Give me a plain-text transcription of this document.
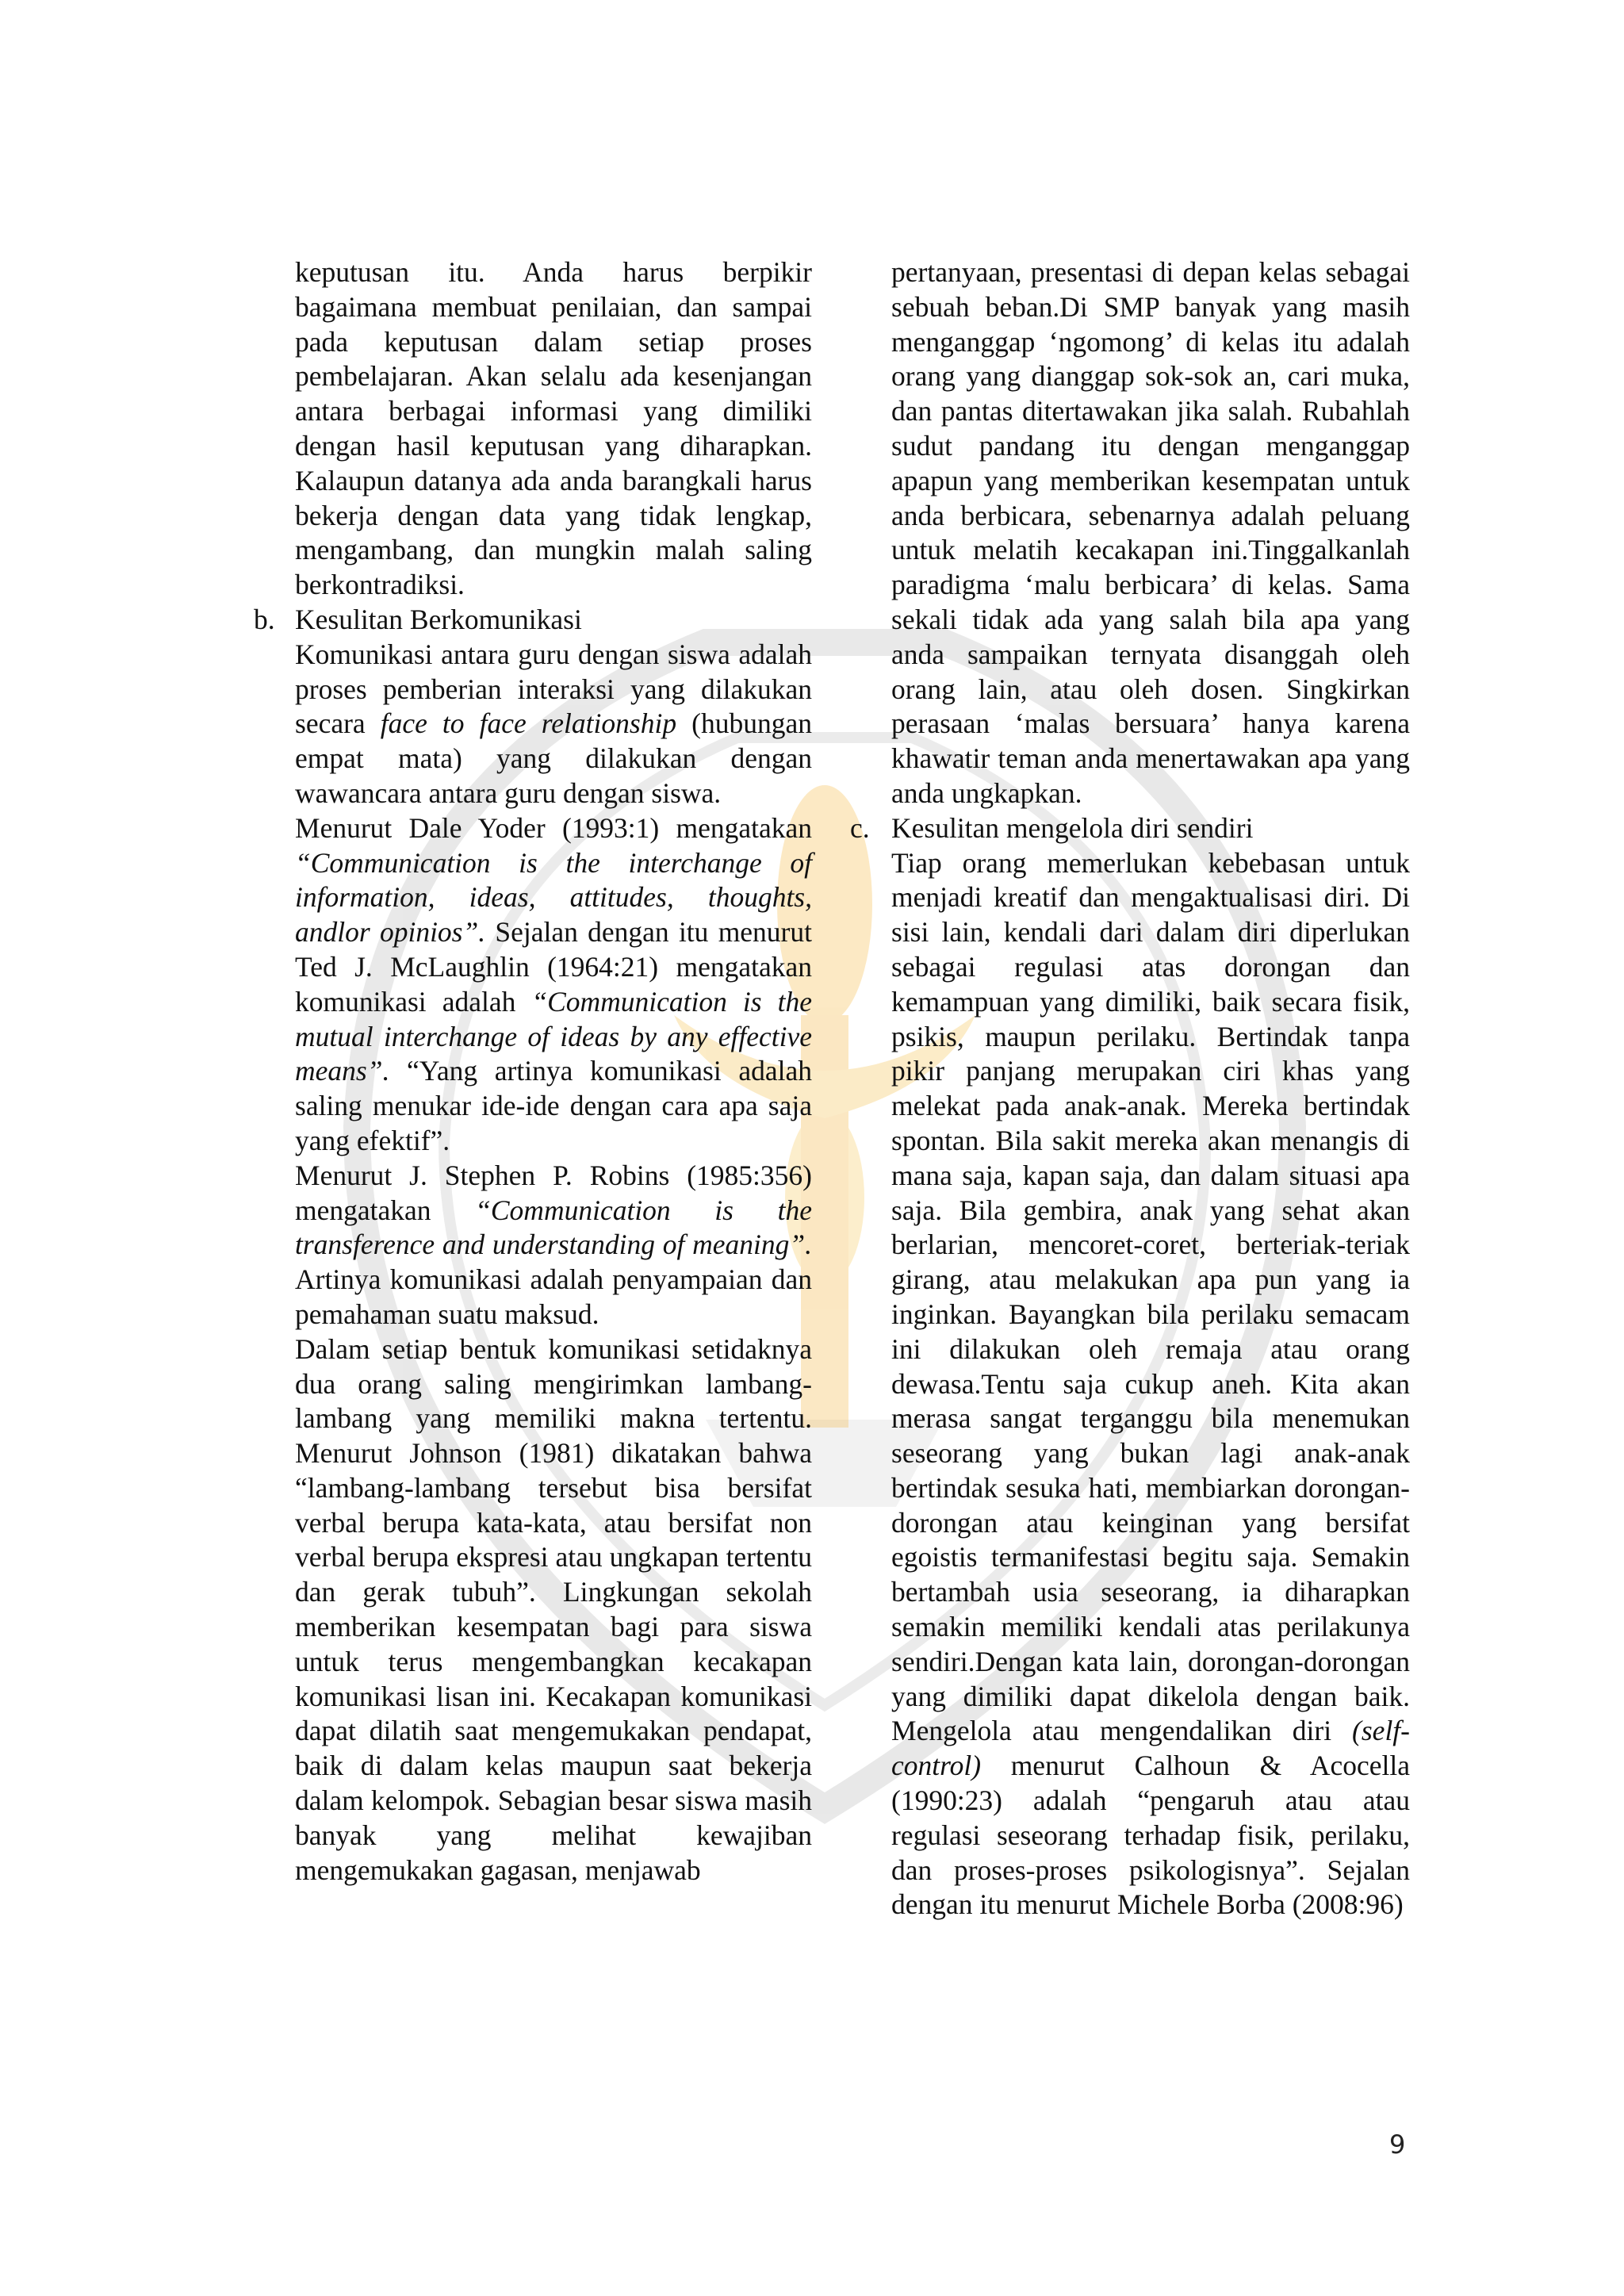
keputusan itu. Anda harus berpikir bagaimana membuat penilaian, dan sampai pada keputusan dalam setiap proses pembelajaran. Akan selalu ada kesenjangan antara berbagai informasi yang dimiliki dengan hasil keputusan yang diharapkan. Kalaupun datanya ada anda barangkali harus bekerja dengan data yang tidak lengkap, mengambang, dan mungkin malah saling berkontradiksi.

b. Kesulitan Berkomunikasi

Komunikasi antara guru dengan siswa adalah proses pemberian interaksi yang dilakukan secara face to face relationship (hubungan empat mata) yang dilakukan dengan wawancara antara guru dengan siswa.

Menurut Dale Yoder (1993:1) mengatakan “Communication is the interchange of information, ideas, attitudes, thoughts, andlor opinios”. Sejalan dengan itu menurut Ted J. McLaughlin (1964:21) mengatakan komunikasi adalah “Communication is the mutual interchange of ideas by any effective means”. “Yang artinya komunikasi adalah saling menukar ide-ide dengan cara apa saja yang efektif”.

Menurut J. Stephen P. Robins (1985:356) mengatakan “Communication is the transference and understanding of meaning”. Artinya komunikasi adalah penyampaian dan pemahaman suatu maksud.

Dalam setiap bentuk komunikasi setidaknya dua orang saling mengirimkan lambang-lambang yang memiliki makna tertentu. Menurut Johnson (1981) dikatakan bahwa “lambang-lambang tersebut bisa bersifat verbal berupa kata-kata, atau bersifat non verbal berupa ekspresi atau ungkapan tertentu dan gerak tubuh”. Lingkungan sekolah memberikan kesempatan bagi para siswa untuk terus mengembangkan kecakapan komunikasi lisan ini. Kecakapan komunikasi dapat dilatih saat mengemukakan pendapat, baik di dalam kelas maupun saat bekerja dalam kelompok. Sebagian besar siswa masih banyak yang melihat kewajiban mengemukakan gagasan, menjawab

pertanyaan, presentasi di depan kelas sebagai sebuah beban.Di SMP banyak yang masih menganggap ‘ngomong’ di kelas itu adalah orang yang dianggap sok-sok an, cari muka, dan pantas ditertawakan jika salah. Rubahlah sudut pandang itu dengan menganggap apapun yang memberikan kesempatan untuk anda berbicara, sebenarnya adalah peluang untuk melatih kecakapan ini.Tinggalkanlah paradigma ‘malu berbicara’ di kelas. Sama sekali tidak ada yang salah bila apa yang anda sampaikan ternyata disanggah oleh orang lain, atau oleh dosen. Singkirkan perasaan ‘malas bersuara’ hanya karena khawatir teman anda menertawakan apa yang anda ungkapkan.

c. Kesulitan mengelola diri sendiri

Tiap orang memerlukan kebebasan untuk menjadi kreatif dan mengaktualisasi diri. Di sisi lain, kendali dari dalam diri diperlukan sebagai regulasi atas dorongan dan kemampuan yang dimiliki, baik secara fisik, psikis, maupun perilaku. Bertindak tanpa pikir panjang merupakan ciri khas yang melekat pada anak-anak. Mereka bertindak spontan. Bila sakit mereka akan menangis di mana saja, kapan saja, dan dalam situasi apa saja. Bila gembira, anak yang sehat akan berlarian, mencoret-coret, berteriak-teriak girang, atau melakukan apa pun yang ia inginkan. Bayangkan bila perilaku semacam ini dilakukan oleh remaja atau orang dewasa.Tentu saja cukup aneh. Kita akan merasa sangat terganggu bila menemukan seseorang yang bukan lagi anak-anak bertindak sesuka hati, membiarkan dorongan-dorongan atau keinginan yang bersifat egoistis termanifestasi begitu saja. Semakin bertambah usia seseorang, ia diharapkan semakin memiliki kendali atas perilakunya sendiri.Dengan kata lain, dorongan-dorongan yang dimiliki dapat dikelola dengan baik. Mengelola atau mengendalikan diri (self-control) menurut Calhoun & Acocella (1990:23) adalah “pengaruh atau atau regulasi seseorang terhadap fisik, perilaku, dan proses-proses psikologisnya”. Sejalan dengan itu menurut Michele Borba (2008:96)

9
